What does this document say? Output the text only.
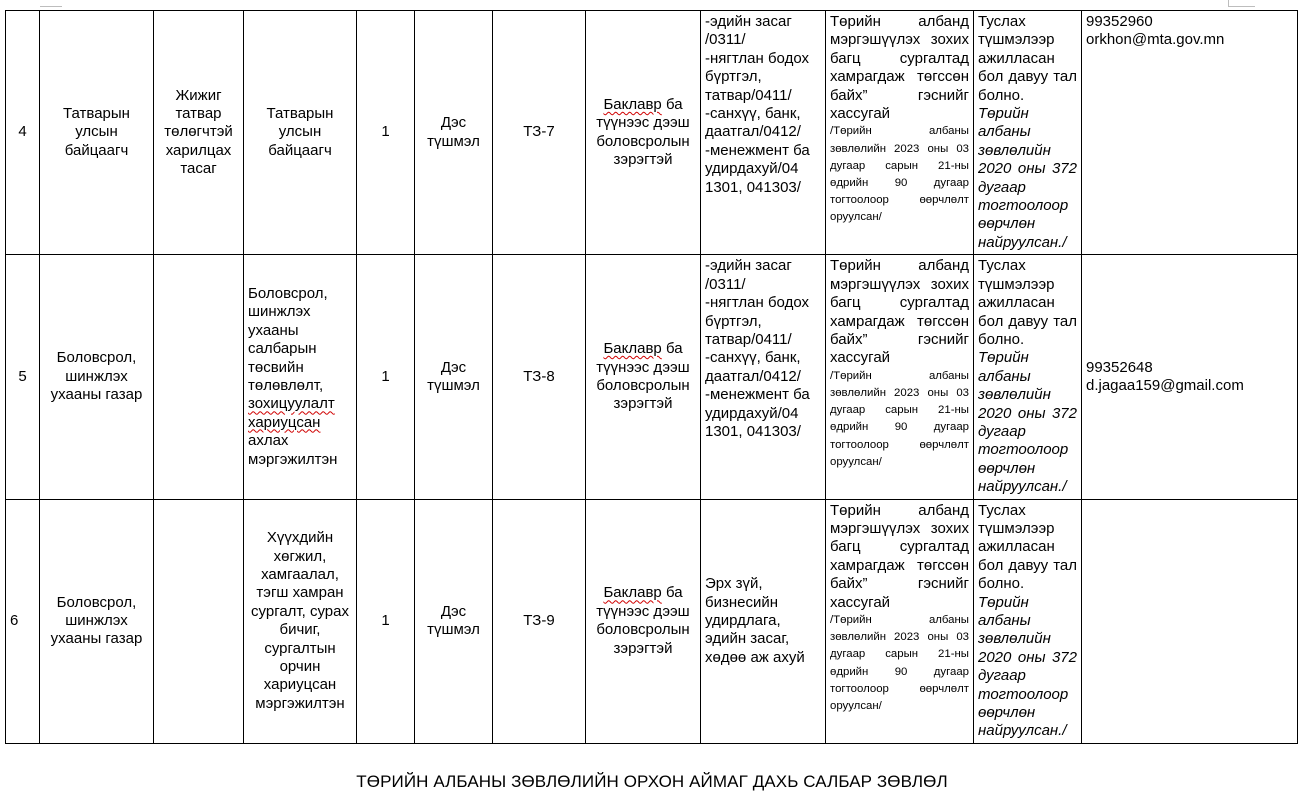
4	Татварын улсын байцаагч	Жижиг татвар төлөгчтэй харилцах тасаг	Татварын улсын байцаагч	1	Дэс түшмэл	ТЗ-7	Баклавр ба түүнээс дээш боловсролын зэрэгтэй	-эдийн засаг /0311/
-нягтлан бодох бүртгэл, татвар/0411/
-санхүү, банк, даатгал/0412/
-менежмент ба удирдахуй/04 1301, 041303/	Төрийн албанд мэргэшүүлэх зохих багц сургалтад хамрагдаж төгссөн байх” гэснийг хассугай
/Төрийн албаны зөвлөлийн 2023 оны 03 дугаар сарын 21-ны өдрийн 90 дугаар тогтоолоор өөрчлөлт оруулсан/	Туслах түшмэлээр ажилласан бол давуу тал болно. Төрийн албаны зөвлөлийн 2020 оны 372 дугаар тогтоолоор өөрчлөн найруулсан./	99352960
orkhon@mta.gov.mn

5	Боловсрол, шинжлэх ухааны газар		Боловсрол, шинжлэх ухааны салбарын төсвийн төлөвлөлт, зохицуулалт хариуцсан ахлах мэргэжилтэн	1	Дэс түшмэл	ТЗ-8	Баклавр ба түүнээс дээш боловсролын зэрэгтэй	-эдийн засаг /0311/
-нягтлан бодох бүртгэл, татвар/0411/
-санхүү, банк, даатгал/0412/
-менежмент ба удирдахуй/04 1301, 041303/	Төрийн албанд мэргэшүүлэх зохих багц сургалтад хамрагдаж төгссөн байх” гэснийг хассугай
/Төрийн албаны зөвлөлийн 2023 оны 03 дугаар сарын 21-ны өдрийн 90 дугаар тогтоолоор өөрчлөлт оруулсан/	Туслах түшмэлээр ажилласан бол давуу тал болно. Төрийн албаны зөвлөлийн 2020 оны 372 дугаар тогтоолоор өөрчлөн найруулсан./	99352648
d.jagaa159@gmail.com

6	Боловсрол, шинжлэх ухааны газар		Хүүхдийн хөгжил, хамгаалал, тэгш хамран сургалт, сурах бичиг, сургалтын орчин хариуцсан мэргэжилтэн	1	Дэс түшмэл	ТЗ-9	Баклавр ба түүнээс дээш боловсролын зэрэгтэй	Эрх зүй, бизнесийн удирдлага, эдийн засаг, хөдөө аж ахуй	Төрийн албанд мэргэшүүлэх зохих багц сургалтад хамрагдаж төгссөн байх” гэснийг хассугай
/Төрийн албаны зөвлөлийн 2023 оны 03 дугаар сарын 21-ны өдрийн 90 дугаар тогтоолоор өөрчлөлт оруулсан/	Туслах түшмэлээр ажилласан бол давуу тал болно. Төрийн албаны зөвлөлийн 2020 оны 372 дугаар тогтоолоор өөрчлөн найруулсан./	
ТӨРИЙН АЛБАНЫ ЗӨВЛӨЛИЙН ОРХОН АЙМАГ ДАХЬ САЛБАР ЗӨВЛӨЛ
